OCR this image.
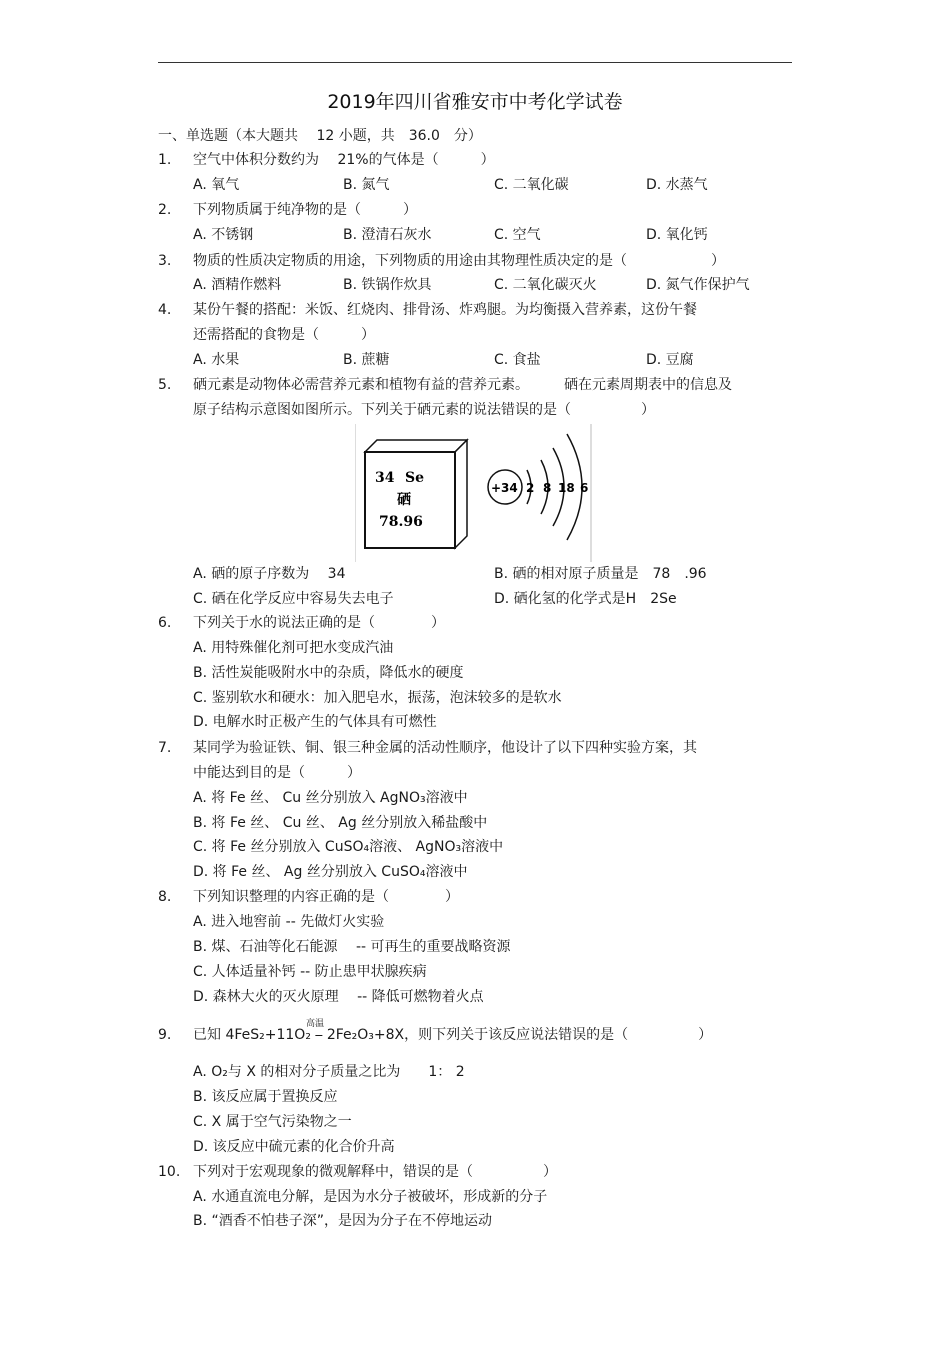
2019年四川省雅安市中考化学试卷
一、单选题（本大题共　 12 小题，共　36.0　分）
1. 空气中体积分数约为　 21%的气体是（　　　）
A. 氧气	B. 氮气	C. 二氧化碳	D. 水蒸气
2. 下列物质属于纯净物的是（　　　）
A. 不锈钢	B. 澄清石灰水	C. 空气	D. 氧化钙
3. 物质的性质决定物质的用途，下列物质的用途由其物理性质决定的是（　　　　　　）
A. 酒精作燃料	B. 铁锅作炊具	C. 二氧化碳灭火	D. 氮气作保护气
4. 某份午餐的搭配：米饭、红烧肉、排骨汤、炸鸡腿。为均衡摄入营养素，这份午餐
还需搭配的食物是（　　　）
A. 水果	B. 蔗糖	C. 食盐	D. 豆腐
5. 硒元素是动物体必需营养元素和植物有益的营养元素。　　　硒在元素周期表中的信息及
原子结构示意图如图所示。下列关于硒元素的说法错误的是（　　　　　）
34 Se
硒
78.96
+34 2 8 18 6
A. 硒的原子序数为　 34	B. 硒的相对原子质量是　78　.96
C. 硒在化学反应中容易失去电子	D. 硒化氢的化学式是H　2Se
6. 下列关于水的说法正确的是（　　　　）
A. 用特殊催化剂可把水变成汽油
B. 活性炭能吸附水中的杂质，降低水的硬度
C. 鉴别软水和硬水：加入肥皂水，振荡，泡沫较多的是软水
D. 电解水时正极产生的气体具有可燃性
7. 某同学为验证铁、铜、银三种金属的活动性顺序，他设计了以下四种实验方案，其
中能达到目的是（　　　）
A. 将 Fe 丝、 Cu 丝分别放入 AgNO₃溶液中
B. 将 Fe 丝、 Cu 丝、 Ag 丝分别放入稀盐酸中
C. 将 Fe 丝分别放入 CuSO₄溶液、 AgNO₃溶液中
D. 将 Fe 丝、 Ag 丝分别放入 CuSO₄溶液中
8. 下列知识整理的内容正确的是（　　　　）
A. 进入地窖前 -- 先做灯火实验
B. 煤、石油等化石能源　 -- 可再生的重要战略资源
C. 人体适量补钙 -- 防止患甲状腺疾病
D. 森林大火的灭火原理　 -- 降低可燃物着火点
高温
9. 已知 4FeS₂+11O₂ ⎯ 2Fe₂O₃+8X，则下列关于该反应说法错误的是（　　　　　）
A. O₂与 X 的相对分子质量之比为　　1： 2
B. 该反应属于置换反应
C. X 属于空气污染物之一
D. 该反应中硫元素的化合价升高
10. 下列对于宏观现象的微观解释中，错误的是（　　　　　）
A. 水通直流电分解，是因为水分子被破坏，形成新的分子
B. “酒香不怕巷子深”，是因为分子在不停地运动
